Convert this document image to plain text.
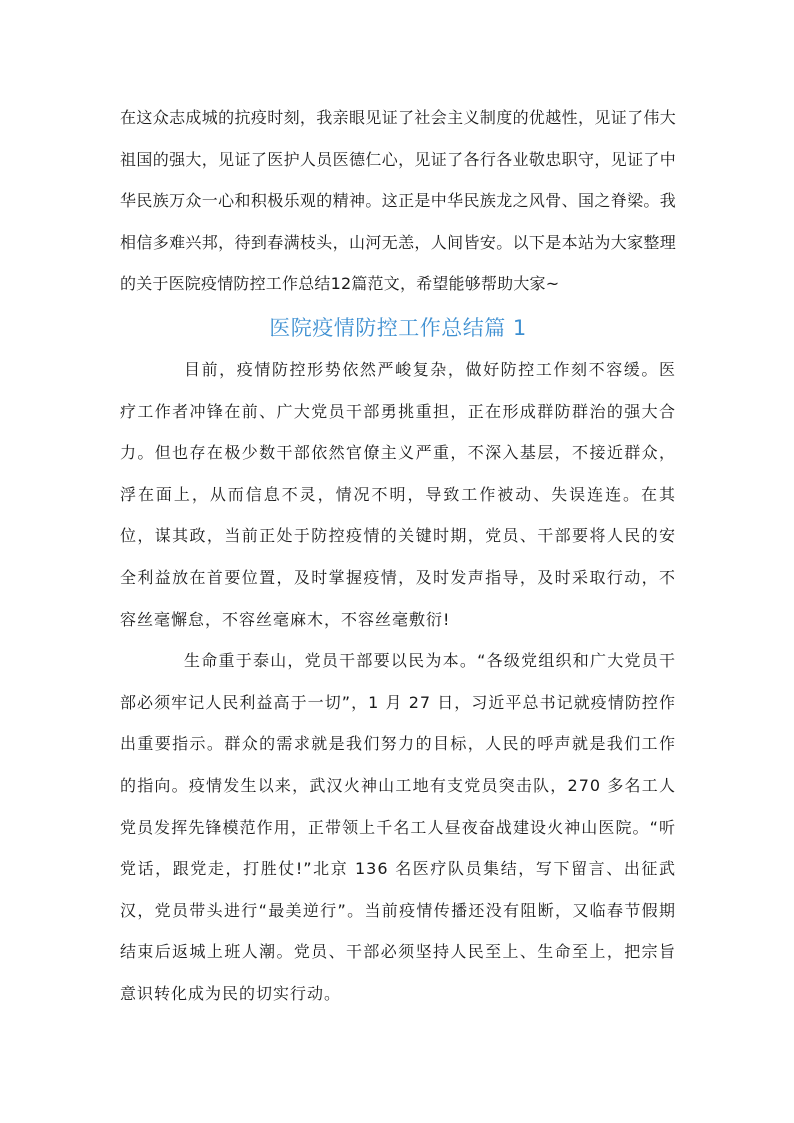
在这众志成城的抗疫时刻，我亲眼见证了社会主义制度的优越性，见证了伟大祖国的强大，见证了医护人员医德仁心，见证了各行各业敬忠职守，见证了中华民族万众一心和积极乐观的精神。这正是中华民族龙之风骨、国之脊梁。我相信多难兴邦，待到春满枝头，山河无恙，人间皆安。以下是本站为大家整理的关于医院疫情防控工作总结12篇范文，希望能够帮助大家~
医院疫情防控工作总结篇 1

目前，疫情防控形势依然严峻复杂，做好防控工作刻不容缓。医疗工作者冲锋在前、广大党员干部勇挑重担，正在形成群防群治的强大合力。但也存在极少数干部依然官僚主义严重，不深入基层，不接近群众，浮在面上，从而信息不灵，情况不明，导致工作被动、失误连连。在其位，谋其政，当前正处于防控疫情的关键时期，党员、干部要将人民的安全利益放在首要位置，及时掌握疫情，及时发声指导，及时采取行动，不容丝毫懈怠，不容丝毫麻木，不容丝毫敷衍!

生命重于泰山，党员干部要以民为本。“各级党组织和广大党员干部必须牢记人民利益高于一切”，1 月 27 日，习近平总书记就疫情防控作出重要指示。群众的需求就是我们努力的目标，人民的呼声就是我们工作的指向。疫情发生以来，武汉火神山工地有支党员突击队，270 多名工人党员发挥先锋模范作用，正带领上千名工人昼夜奋战建设火神山医院。“听党话，跟党走，打胜仗!”北京 136 名医疗队员集结，写下留言、出征武汉，党员带头进行“最美逆行”。当前疫情传播还没有阻断，又临春节假期结束后返城上班人潮。党员、干部必须坚持人民至上、生命至上，把宗旨意识转化成为民的切实行动。
